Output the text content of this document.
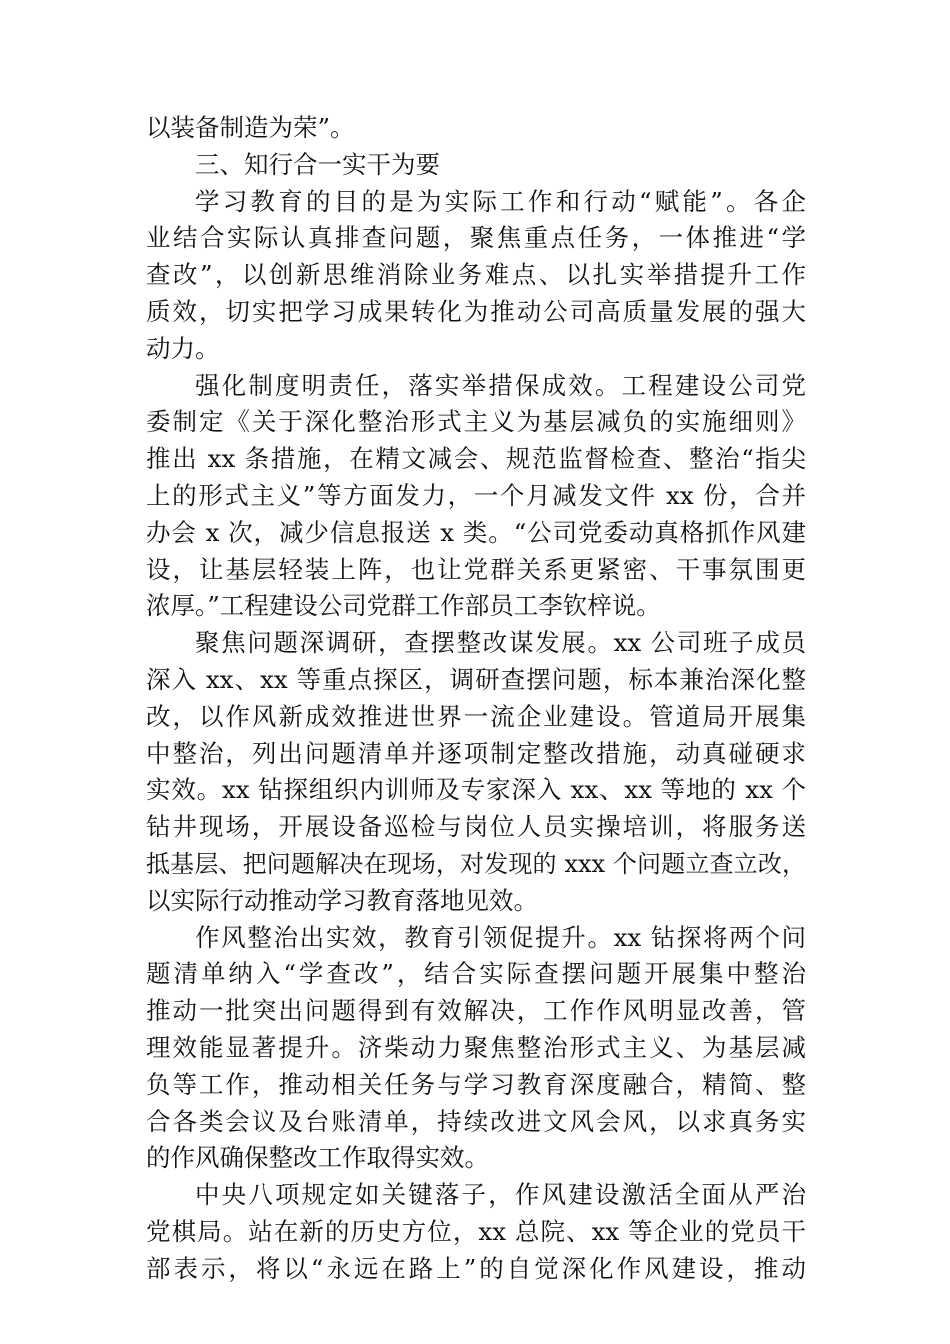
以装备制造为荣”。
三、知行合一实干为要
学习教育的目的是为实际工作和行动“赋能”。各企
业结合实际认真排查问题，聚焦重点任务，一体推进“学
查改”，以创新思维消除业务难点、以扎实举措提升工作
质效，切实把学习成果转化为推动公司高质量发展的强大
动力。
强化制度明责任，落实举措保成效。工程建设公司党
委制定《关于深化整治形式主义为基层减负的实施细则》
推出 xx 条措施，在精文减会、规范监督检查、整治“指尖
上的形式主义”等方面发力，一个月减发文件 xx 份，合并
办会 x 次，减少信息报送 x 类。“公司党委动真格抓作风建
设，让基层轻装上阵，也让党群关系更紧密、干事氛围更
浓厚。”工程建设公司党群工作部员工李钦梓说。
聚焦问题深调研，查摆整改谋发展。xx 公司班子成员
深入 xx、xx 等重点探区，调研查摆问题，标本兼治深化整
改，以作风新成效推进世界一流企业建设。管道局开展集
中整治，列出问题清单并逐项制定整改措施，动真碰硬求
实效。xx 钻探组织内训师及专家深入 xx、xx 等地的 xx 个
钻井现场，开展设备巡检与岗位人员实操培训，将服务送
抵基层、把问题解决在现场，对发现的 xxx 个问题立查立改，
以实际行动推动学习教育落地见效。
作风整治出实效，教育引领促提升。xx 钻探将两个问
题清单纳入“学查改”，结合实际查摆问题开展集中整治
推动一批突出问题得到有效解决，工作作风明显改善，管
理效能显著提升。济柴动力聚焦整治形式主义、为基层减
负等工作，推动相关任务与学习教育深度融合，精简、整
合各类会议及台账清单，持续改进文风会风，以求真务实
的作风确保整改工作取得实效。
中央八项规定如关键落子，作风建设激活全面从严治
党棋局。站在新的历史方位，xx 总院、xx 等企业的党员干
部表示，将以“永远在路上”的自觉深化作风建设，推动
